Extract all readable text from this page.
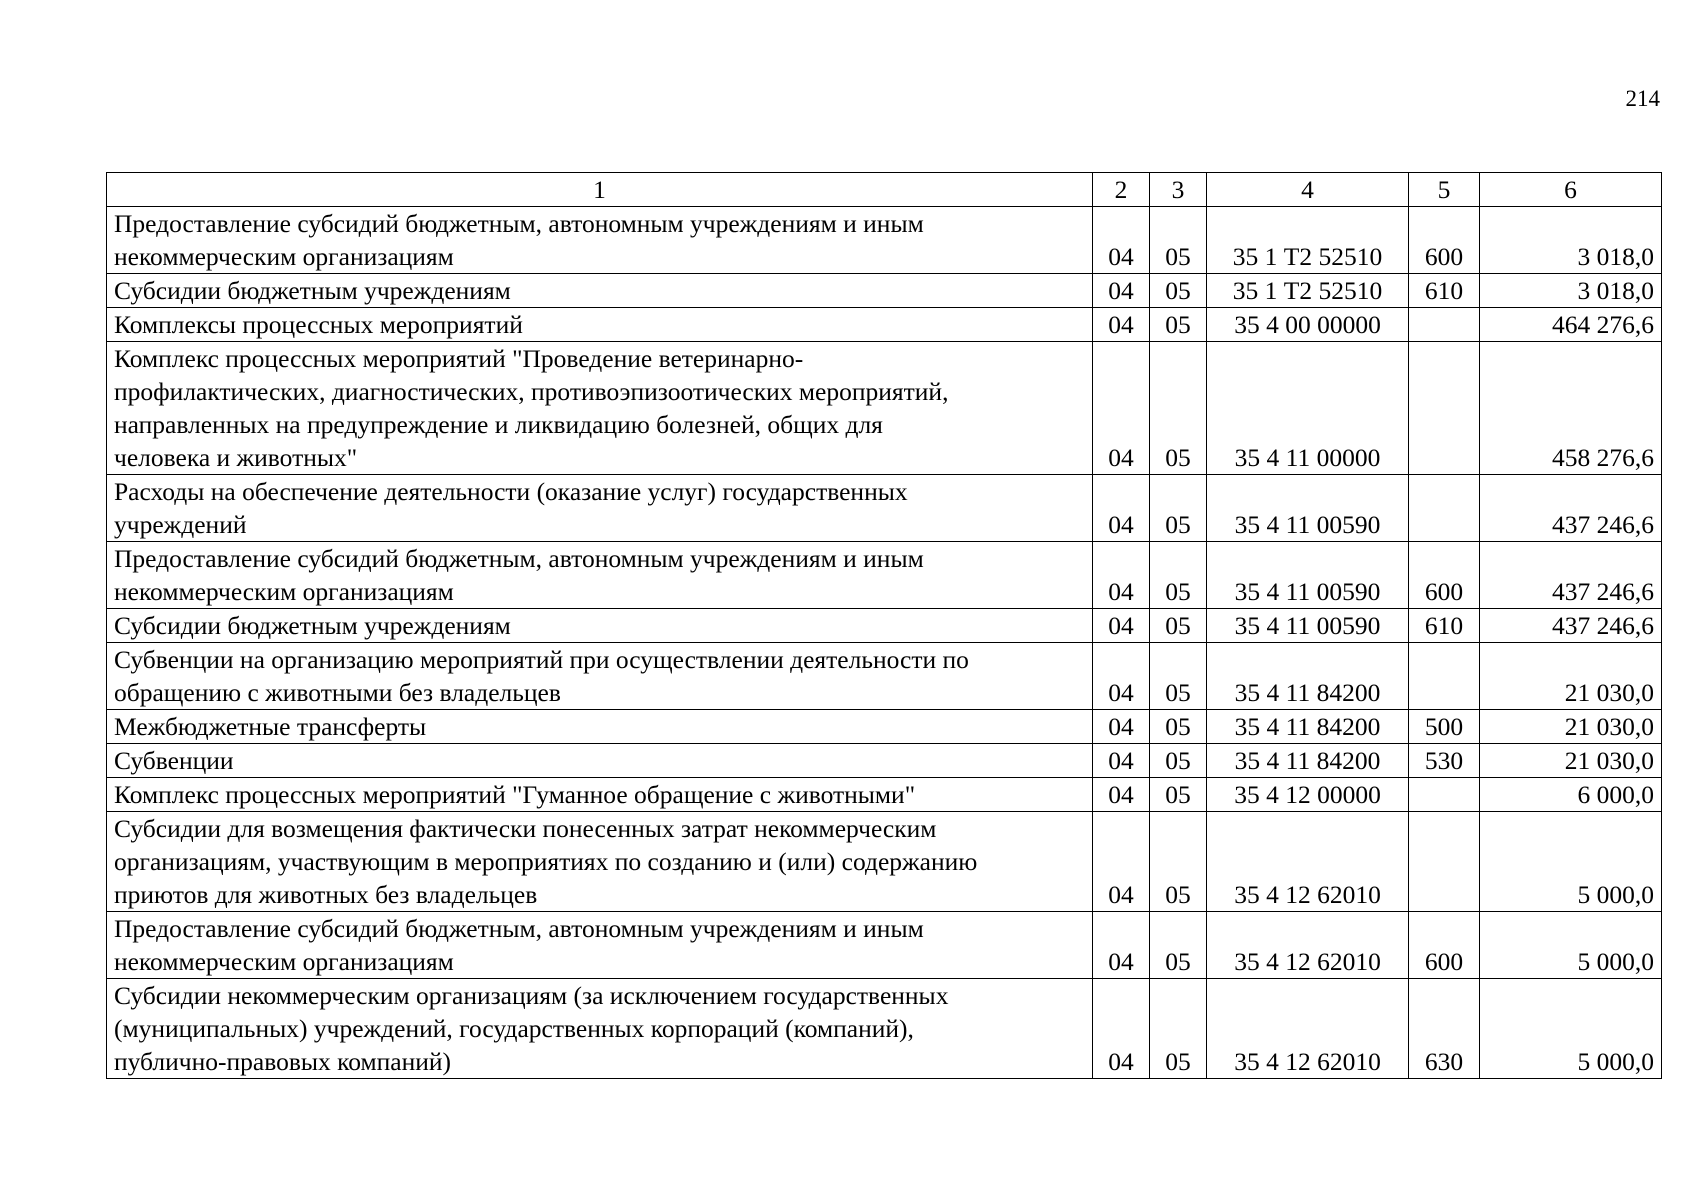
214
1	2	3	4	5	6
Предоставление субсидий бюджетным, автономным учреждениям и иным
некоммерческим организациям	04	05	35 1 Т2 52510	600	3 018,0
Субсидии бюджетным учреждениям	04	05	35 1 Т2 52510	610	3 018,0
Комплексы процессных мероприятий	04	05	35 4 00 00000		464 276,6
Комплекс процессных мероприятий "Проведение ветеринарно-
профилактических, диагностических, противоэпизоотических мероприятий,
направленных на предупреждение и ликвидацию болезней, общих для
человека и животных"	04	05	35 4 11 00000		458 276,6
Расходы на обеспечение деятельности (оказание услуг) государственных
учреждений	04	05	35 4 11 00590		437 246,6
Предоставление субсидий бюджетным, автономным учреждениям и иным
некоммерческим организациям	04	05	35 4 11 00590	600	437 246,6
Субсидии бюджетным учреждениям	04	05	35 4 11 00590	610	437 246,6
Субвенции на организацию мероприятий при осуществлении деятельности по
обращению с животными без владельцев	04	05	35 4 11 84200		21 030,0
Межбюджетные трансферты	04	05	35 4 11 84200	500	21 030,0
Субвенции	04	05	35 4 11 84200	530	21 030,0
Комплекс процессных мероприятий "Гуманное обращение с животными"	04	05	35 4 12 00000		6 000,0
Субсидии для возмещения фактически понесенных затрат некоммерческим
организациям, участвующим в мероприятиях по созданию и (или) содержанию
приютов для животных без владельцев	04	05	35 4 12 62010		5 000,0
Предоставление субсидий бюджетным, автономным учреждениям и иным
некоммерческим организациям	04	05	35 4 12 62010	600	5 000,0
Субсидии некоммерческим организациям (за исключением государственных
(муниципальных) учреждений, государственных корпораций (компаний),
публично-правовых компаний)	04	05	35 4 12 62010	630	5 000,0
